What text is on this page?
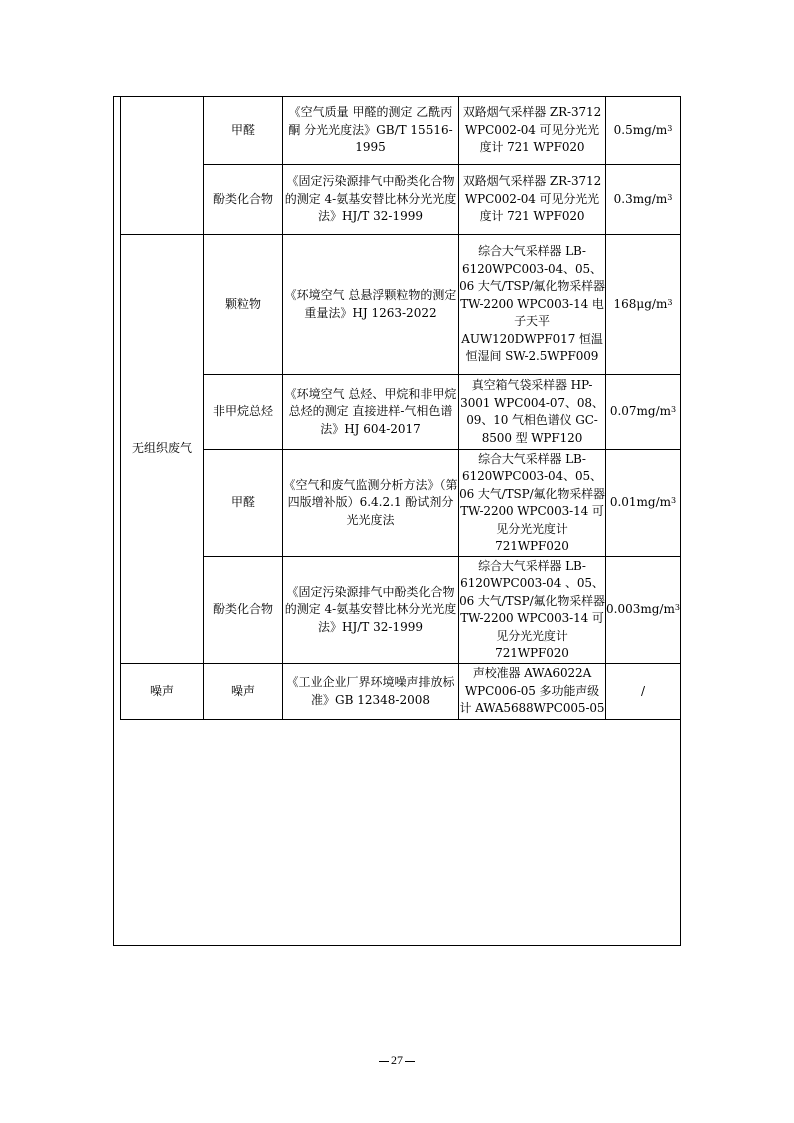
	甲醛	《空气质量 甲醛的测定 乙酰丙酮 分光光度法》GB/T 15516-1995	双路烟气采样器 ZR-3712 WPC002-04 可见分光光度计 721 WPF020	$0.5mg/m^3$
	酚类化合物	《固定污染源排气中酚类化合物的测定 4-氨基安替比林分光光度法》HJ/T 32-1999	双路烟气采样器 ZR-3712 WPC002-04 可见分光光度计 721 WPF020	$0.3mg/m^3$
无组织废气	颗粒物	《环境空气 总悬浮颗粒物的测定 重量法》HJ 1263-2022	综合大气采样器 LB-6120WPC003-04、05、06 大气/TSP/氟化物采样器 TW-2200 WPC003-14 电子天平 AUW120DWPF017 恒温恒湿间 SW-2.5WPF009	$168\mu g/m^3$
	非甲烷总烃	《环境空气 总烃、甲烷和非甲烷总烃的测定 直接进样-气相色谱法》HJ 604-2017	真空箱气袋采样器 HP-3001 WPC004-07、08、09、10 气相色谱仪 GC-8500 型 WPF120	$0.07mg/m^3$
	甲醛	《空气和废气监测分析方法》（第四版增补版）6.4.2.1 酚试剂分光光度法	综合大气采样器 LB-6120WPC003-04、05、06 大气/TSP/氟化物采样器 TW-2200 WPC003-14 可见分光光度计 721WPF020	$0.01mg/m^3$
	酚类化合物	《固定污染源排气中酚类化合物的测定 4-氨基安替比林分光光度法》HJ/T 32-1999	综合大气采样器 LB-6120WPC003-04 、05、06 大气/TSP/氟化物采样器 TW-2200 WPC003-14 可见分光光度计 721WPF020	$0.003mg/m^3$
噪声	噪声	《工业企业厂界环境噪声排放标 准》GB 12348-2008	声校准器 AWA6022A WPC006-05 多功能声级计 AWA5688WPC005-05	/
27
